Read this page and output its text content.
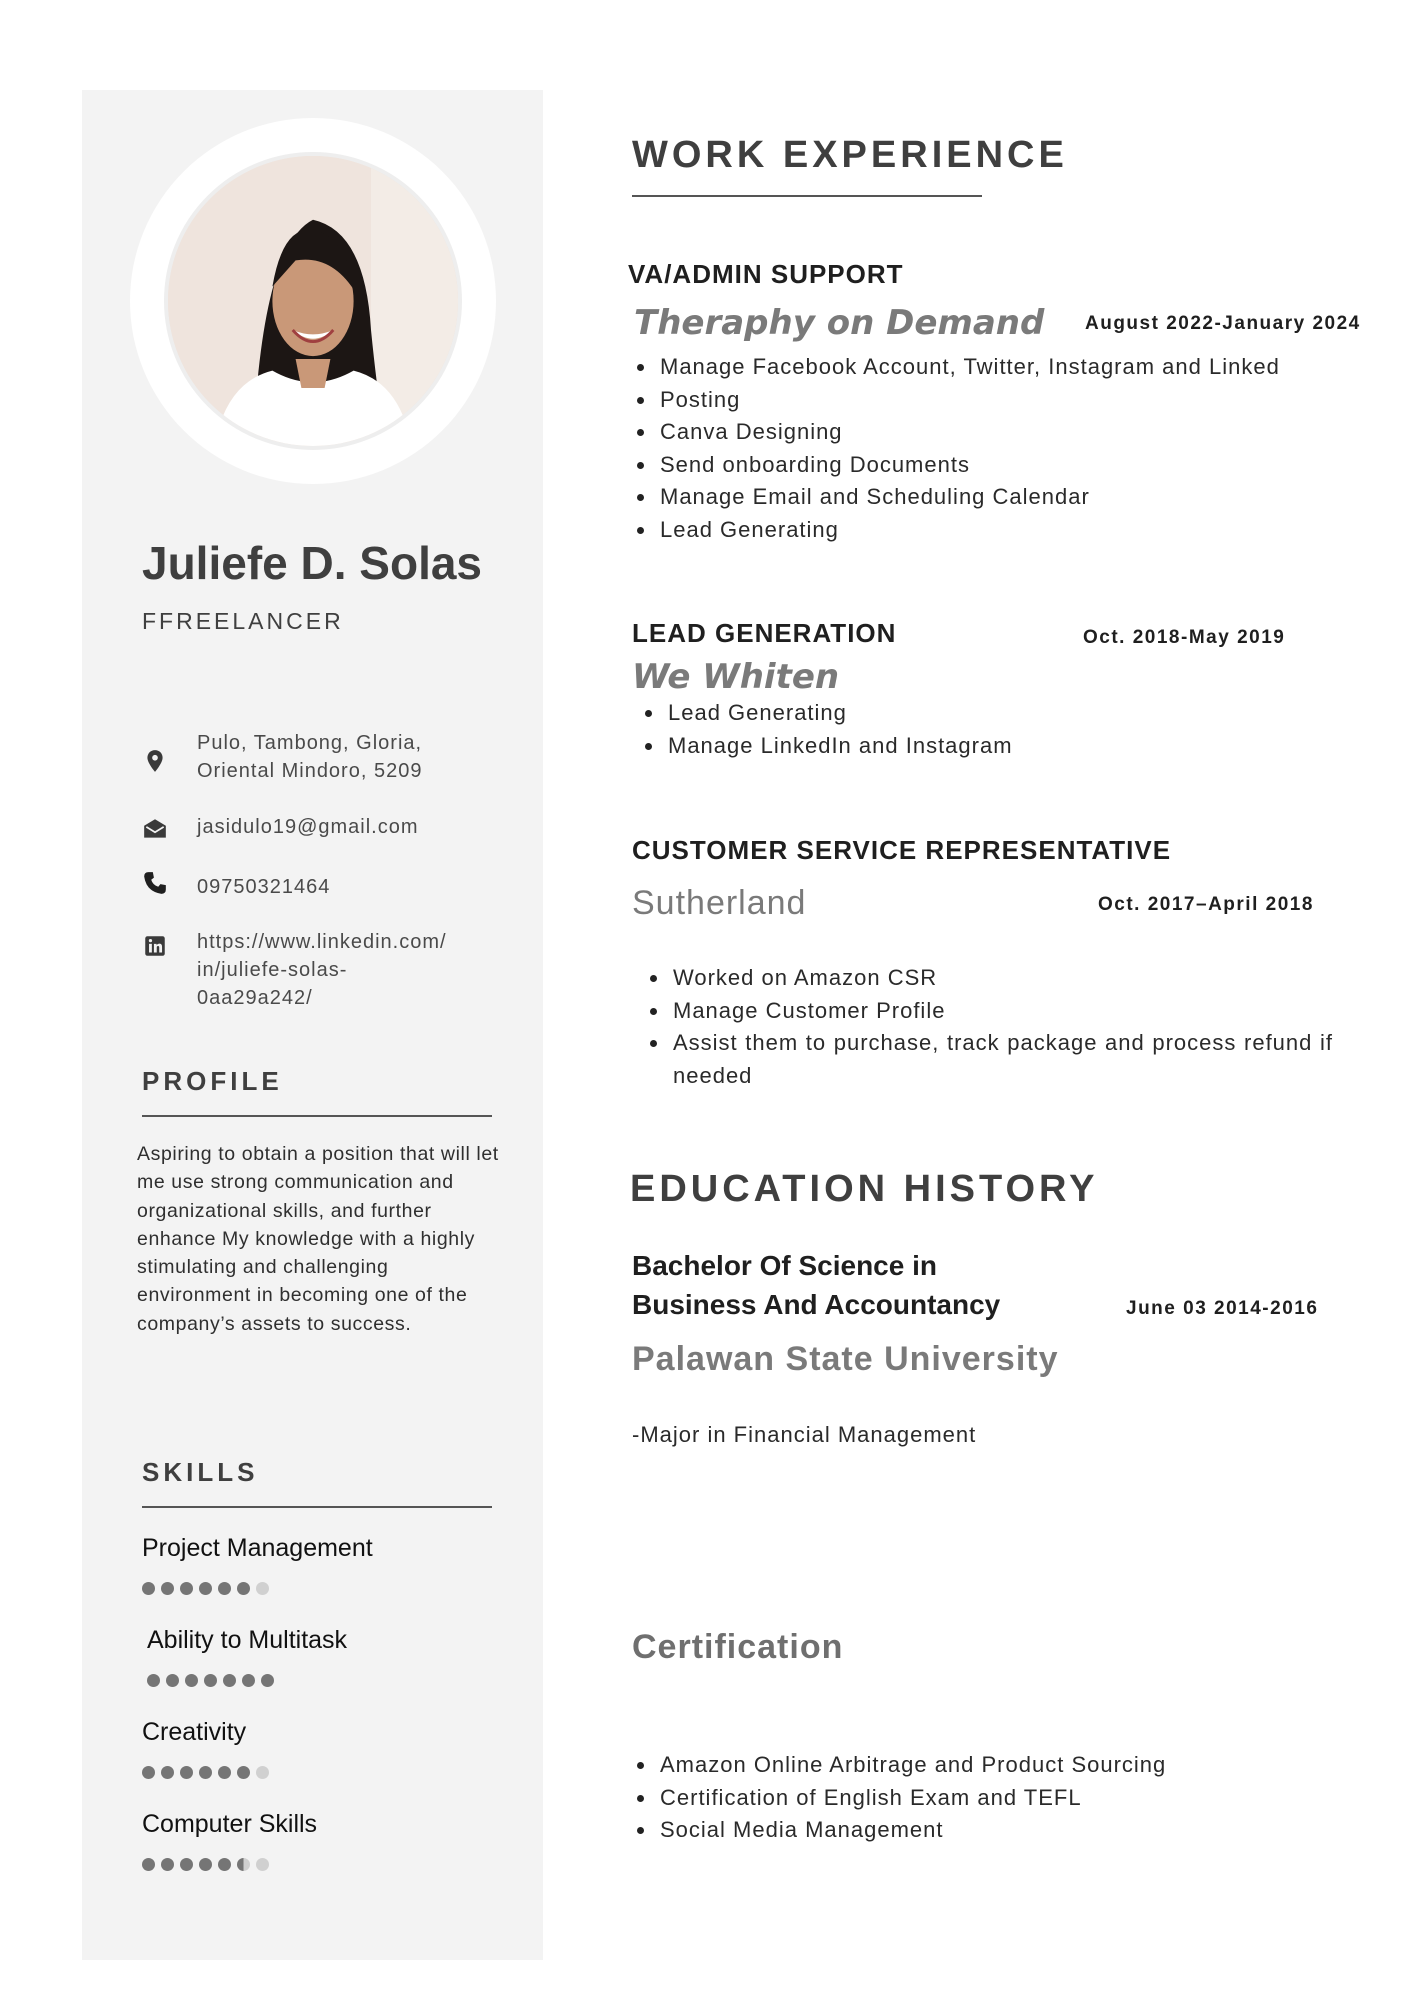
Juliefe D. Solas
FFREELANCER
Pulo, Tambong, Gloria,
Oriental Mindoro, 5209
jasidulo19@gmail.com
09750321464
https://www.linkedin.com/
in/juliefe-solas-
0aa29a242/
PROFILE
Aspiring to obtain a position that will let me use strong communication and organizational skills, and further enhance My knowledge with a highly stimulating and challenging environment in becoming one of the company’s assets to success.
SKILLS
Project Management
Ability to Multitask
Creativity
Computer Skills
WORK EXPERIENCE
VA/ADMIN SUPPORT
Theraphy on Demand August 2022-January 2024
Manage Facebook Account, Twitter, Instagram and Linked
Posting
Canva Designing
Send onboarding Documents
Manage Email and Scheduling Calendar
Lead Generating
LEAD GENERATION
We Whiten
Oct. 2018-May 2019
Lead Generating
Manage LinkedIn and Instagram
CUSTOMER SERVICE REPRESENTATIVE
Sutherland	Oct. 2017–April 2018
Worked on Amazon CSR
Manage Customer Profile
Assist them to purchase, track package and process refund if needed
EDUCATION HISTORY
Bachelor Of Science in
Business And Accountancy	June 03 2014-2016
Palawan State University
-Major in Financial Management
Certification
Amazon Online Arbitrage and Product Sourcing
Certification of English Exam and TEFL
Social Media Management
